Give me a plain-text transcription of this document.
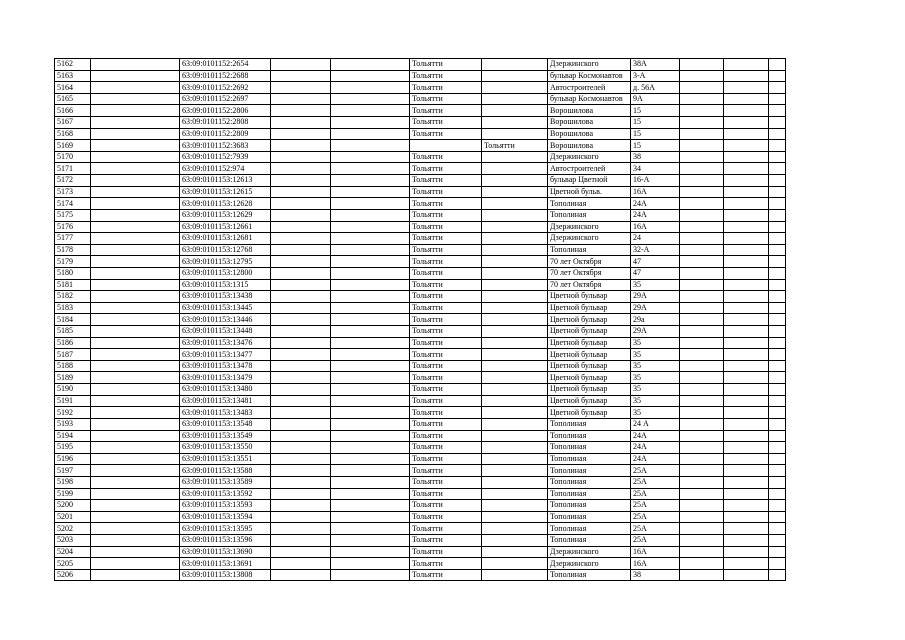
5162		63:09:0101152:2654			Тольятти		Дзержинского	38А			
5163		63:09:0101152:2688			Тольятти		бульвар Космонавтов	3-А			
5164		63:09:0101152:2692			Тольятти		Автостроителей	д. 56А			
5165		63:09:0101152:2697			Тольятти		бульвар Космонавтов	9А			
5166		63:09:0101152:2806			Тольятти		Ворошилова	15			
5167		63:09:0101152:2808			Тольятти		Ворошилова	15			
5168		63:09:0101152:2809			Тольятти		Ворошилова	15			
5169		63:09:0101152:3683				Тольятти	Ворошилова	15			
5170		63:09:0101152:7939			Тольятти		Дзержинского	38			
5171		63:09:0101152:974			Тольятти		Автостроителей	34			
5172		63:09:0101153:12613			Тольятти		бульвар Цветной	16-А			
5173		63:09:0101153:12615			Тольятти		Цветной бульв.	16А			
5174		63:09:0101153:12628			Тольятти		Тополиная	24А			
5175		63:09:0101153:12629			Тольятти		Тополиная	24А			
5176		63:09:0101153:12661			Тольятти		Дзержинского	16А			
5177		63:09:0101153:12681			Тольятти		Дзержинского	24			
5178		63:09:0101153:12768			Тольятти		Тополиная	32-А			
5179		63:09:0101153:12795			Тольятти		70 лет Октября	47			
5180		63:09:0101153:12800			Тольятти		70 лет Октября	47			
5181		63:09:0101153:1315			Тольятти		70 лет Октября	35			
5182		63:09:0101153:13438			Тольятти		Цветной бульвар	29А			
5183		63:09:0101153:13445			Тольятти		Цветной бульвар	29А			
5184		63:09:0101153:13446			Тольятти		Цветной бульвар	29а			
5185		63:09:0101153:13448			Тольятти		Цветной бульвар	29А			
5186		63:09:0101153:13476			Тольятти		Цветной бульвар	35			
5187		63:09:0101153:13477			Тольятти		Цветной бульвар	35			
5188		63:09:0101153:13478			Тольятти		Цветной бульвар	35			
5189		63:09:0101153:13479			Тольятти		Цветной бульвар	35			
5190		63:09:0101153:13480			Тольятти		Цветной бульвар	35			
5191		63:09:0101153:13481			Тольятти		Цветной бульвар	35			
5192		63:09:0101153:13483			Тольятти		Цветной бульвар	35			
5193		63:09:0101153:13548			Тольятти		Тополиная	24 А			
5194		63:09:0101153:13549			Тольятти		Тополиная	24А			
5195		63:09:0101153:13550			Тольятти		Тополиная	24А			
5196		63:09:0101153:13551			Тольятти		Тополиная	24А			
5197		63:09:0101153:13588			Тольятти		Тополиная	25А			
5198		63:09:0101153:13589			Тольятти		Тополиная	25А			
5199		63:09:0101153:13592			Тольятти		Тополиная	25А			
5200		63:09:0101153:13593			Тольятти		Тополиная	25А			
5201		63:09:0101153:13594			Тольятти		Тополиная	25А			
5202		63:09:0101153:13595			Тольятти		Тополиная	25А			
5203		63:09:0101153:13596			Тольятти		Тополиная	25А			
5204		63:09:0101153:13690			Тольятти		Дзержинского	16А			
5205		63:09:0101153:13691			Тольятти		Дзержинского	16А			
5206		63:09:0101153:13808			Тольятти		Тополиная	38			
